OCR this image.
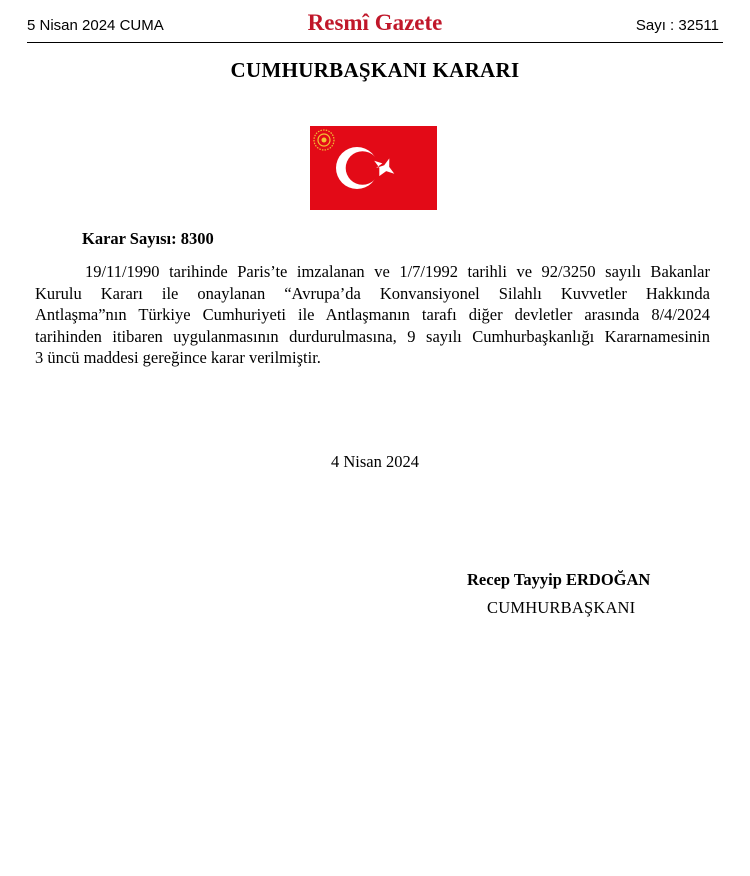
5 Nisan 2024 CUMA	Resmî Gazete	Sayı : 32511
CUMHURBAŞKANI KARARI
Karar Sayısı: 8300
19/11/1990 tarihinde Paris’te imzalanan ve 1/7/1992 tarihli ve 92/3250 sayılı Bakanlar
Kurulu Kararı ile onaylanan “Avrupa’da Konvansiyonel Silahlı Kuvvetler Hakkında
Antlaşma”nın Türkiye Cumhuriyeti ile Antlaşmanın tarafı diğer devletler arasında 8/4/2024
tarihinden itibaren uygulanmasının durdurulmasına, 9 sayılı Cumhurbaşkanlığı Kararnamesinin
3 üncü maddesi gereğince karar verilmiştir.
4 Nisan 2024
Recep Tayyip ERDOĞAN
CUMHURBAŞKANI
